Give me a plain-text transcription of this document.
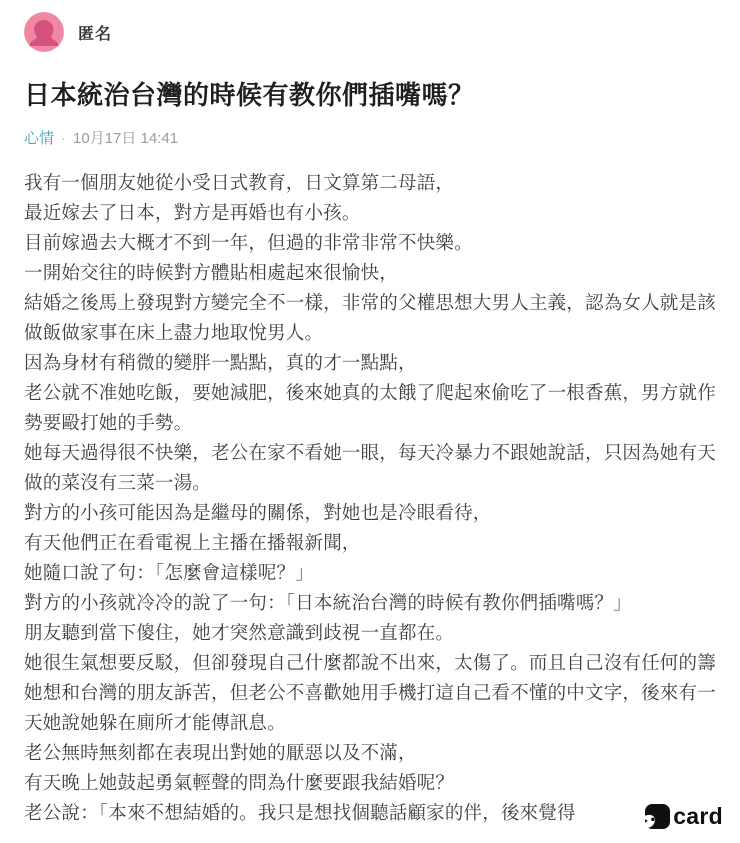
匿名
日本統治台灣的時候有教你們插嘴嗎？
心情 · 10月17日 14:41
我有一個朋友她從小受日式教育，日文算第二母語，
最近嫁去了日本，對方是再婚也有小孩。
目前嫁過去大概才不到一年，但過的非常非常不快樂。
一開始交往的時候對方體貼相處起來很愉快，
結婚之後馬上發現對方變完全不一樣，非常的父權思想大男人主義，認為女人就是該
做飯做家事在床上盡力地取悅男人。
因為身材有稍微的變胖一點點，真的才一點點，
老公就不准她吃飯，要她減肥，後來她真的太餓了爬起來偷吃了一根香蕉，男方就作
勢要毆打她的手勢。
她每天過得很不快樂，老公在家不看她一眼，每天冷暴力不跟她說話，只因為她有天
做的菜沒有三菜一湯。
對方的小孩可能因為是繼母的關係，對她也是冷眼看待，
有天他們正在看電視上主播在播報新聞，
她隨口說了句：「怎麼會這樣呢？」
對方的小孩就冷冷的說了一句：「日本統治台灣的時候有教你們插嘴嗎？」
朋友聽到當下傻住，她才突然意識到歧視一直都在。
她很生氣想要反駁，但卻發現自己什麼都說不出來，太傷了。而且自己沒有任何的籌
她想和台灣的朋友訴苦，但老公不喜歡她用手機打這自己看不懂的中文字，後來有一
天她說她躲在廁所才能傳訊息。
老公無時無刻都在表現出對她的厭惡以及不滿，
有天晚上她鼓起勇氣輕聲的問為什麼要跟我結婚呢？
老公說：「本來不想結婚的。我只是想找個聽話顧家的伴，後來覺得	card
